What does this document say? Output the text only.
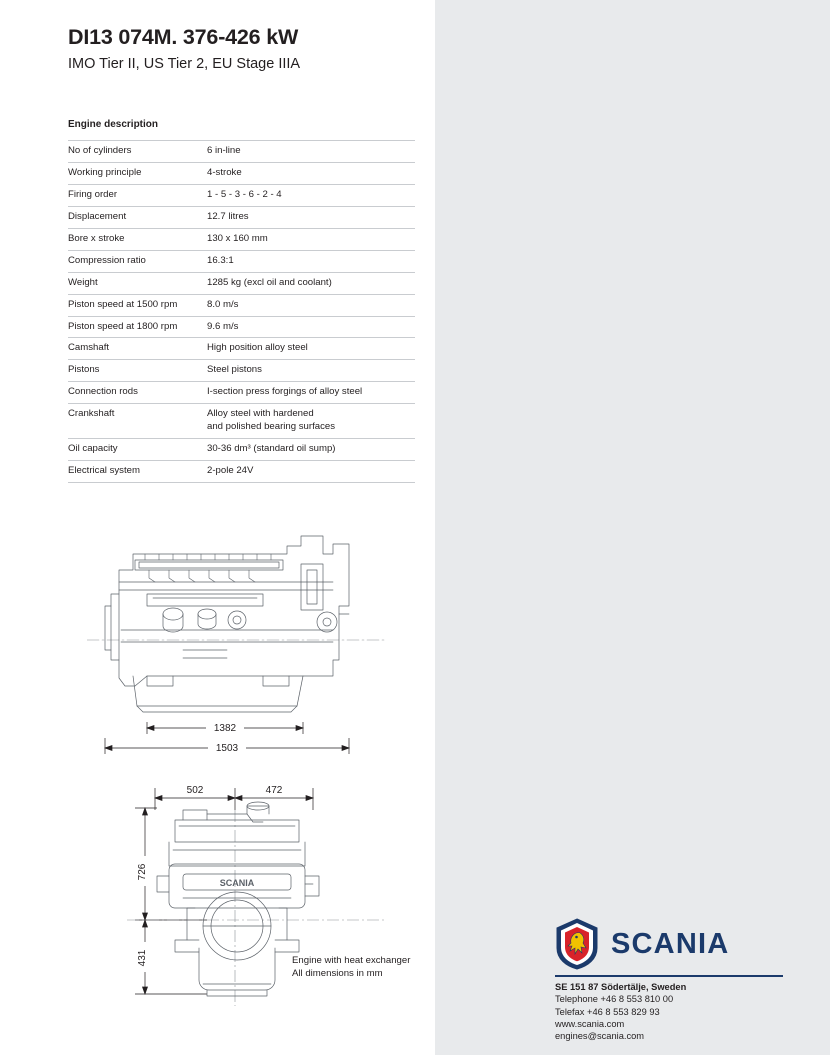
DI13 074M. 376-426 kW
IMO Tier II, US Tier 2, EU Stage IIIA
Engine description
No of cylinders	6 in-line
Working principle	4-stroke
Firing order	1 - 5 - 3 - 6 - 2 - 4
Displacement	12.7 litres
Bore x stroke	130 x 160 mm
Compression ratio	16.3:1
Weight	1285 kg (excl oil and coolant)
Piston speed at 1500 rpm	8.0 m/s
Piston speed at 1800 rpm	9.6 m/s
Camshaft	High position alloy steel
Pistons	Steel pistons
Connection rods	I-section press forgings of alloy steel
Crankshaft	Alloy steel with hardened
and polished bearing surfaces
Oil capacity	30-36 dm³ (standard oil sump)
Electrical system	2-pole 24V
1382
1503
502	472
726
431
SCANIA
Engine with heat exchanger
All dimensions in mm
SCANIA
SE 151 87 Södertälje, Sweden
Telephone +46 8 553 810 00
Telefax +46 8 553 829 93
www.scania.com
engines@scania.com
